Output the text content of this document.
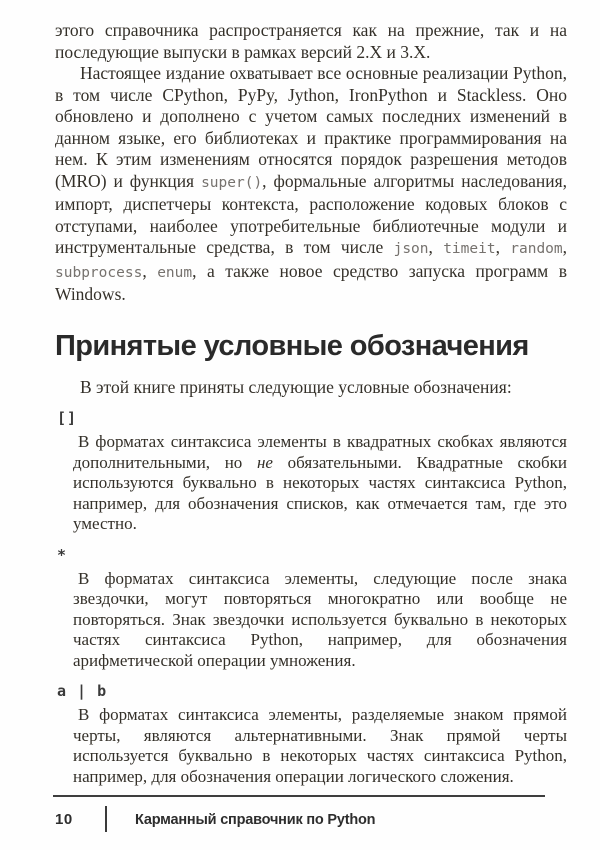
этого справочника распространяется как на прежние, так и на последующие выпуски в рамках версий 2.X и 3.X.

Настоящее издание охватывает все основные реализации Python, в том числе CPython, PyPy, Jython, IronPython и Stackless. Оно обновлено и дополнено с учетом самых последних изменений в данном языке, его библиотеках и практике программирования на нем. К этим изменениям относятся порядок разрешения методов (MRO) и функция super(), формальные алгоритмы наследования, импорт, диспетчеры контекста, расположение кодовых блоков с отступами, наиболее употребительные библиотечные модули и инструментальные средства, в том числе json, timeit, random, subprocess, enum, а также новое средство запуска программ в Windows.

Принятые условные обозначения

В этой книге приняты следующие условные обозначения:

[]

В форматах синтаксиса элементы в квадратных скобках являются дополнительными, но не обязательными. Квадратные скобки используются буквально в некоторых частях синтаксиса Python, например, для обозначения списков, как отмечается там, где это уместно.

*

В форматах синтаксиса элементы, следующие после знака звездочки, могут повторяться многократно или вообще не повторяться. Знак звездочки используется буквально в некоторых частях синтаксиса Python, например, для обозначения арифметической операции умножения.

a | b

В форматах синтаксиса элементы, разделяемые знаком прямой черты, являются альтернативными. Знак прямой черты используется буквально в некоторых частях синтаксиса Python, например, для обозначения операции логического сложения.

10	Карманный справочник по Python
